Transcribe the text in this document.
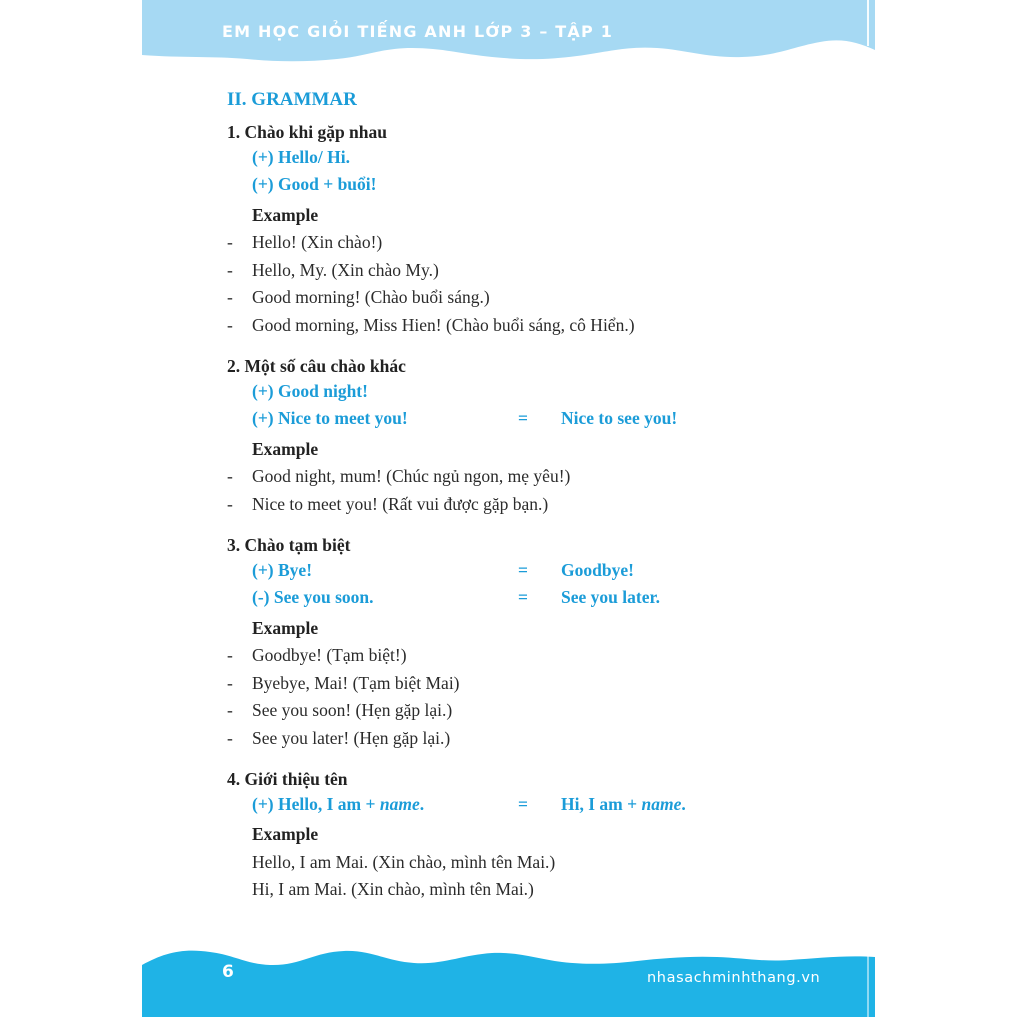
EM HỌC GIỎI TIẾNG ANH LỚP 3 – TẬP 1
II. GRAMMAR
1. Chào khi gặp nhau
(+) Hello/ Hi.
(+) Good + buổi!
Example
-	Hello! (Xin chào!)
-	Hello, My. (Xin chào My.)
-	Good morning! (Chào buổi sáng.)
-	Good morning, Miss Hien! (Chào buổi sáng, cô Hiển.)
2. Một số câu chào khác
(+) Good night!
(+) Nice to meet you!	= Nice to see you!
Example
-	Good night, mum! (Chúc ngủ ngon, mẹ yêu!)
-	Nice to meet you! (Rất vui được gặp bạn.)
3. Chào tạm biệt
(+) Bye!	= Goodbye!
(-) See you soon.	= See you later.
Example
-	Goodbye! (Tạm biệt!)
-	Byebye, Mai! (Tạm biệt Mai)
-	See you soon! (Hẹn gặp lại.)
-	See you later! (Hẹn gặp lại.)
4. Giới thiệu tên
(+) Hello, I am + name.	= Hi, I am + name.
Example
Hello, I am Mai. (Xin chào, mình tên Mai.)
Hi, I am Mai. (Xin chào, mình tên Mai.)
6	nhasachminhthang.vn
